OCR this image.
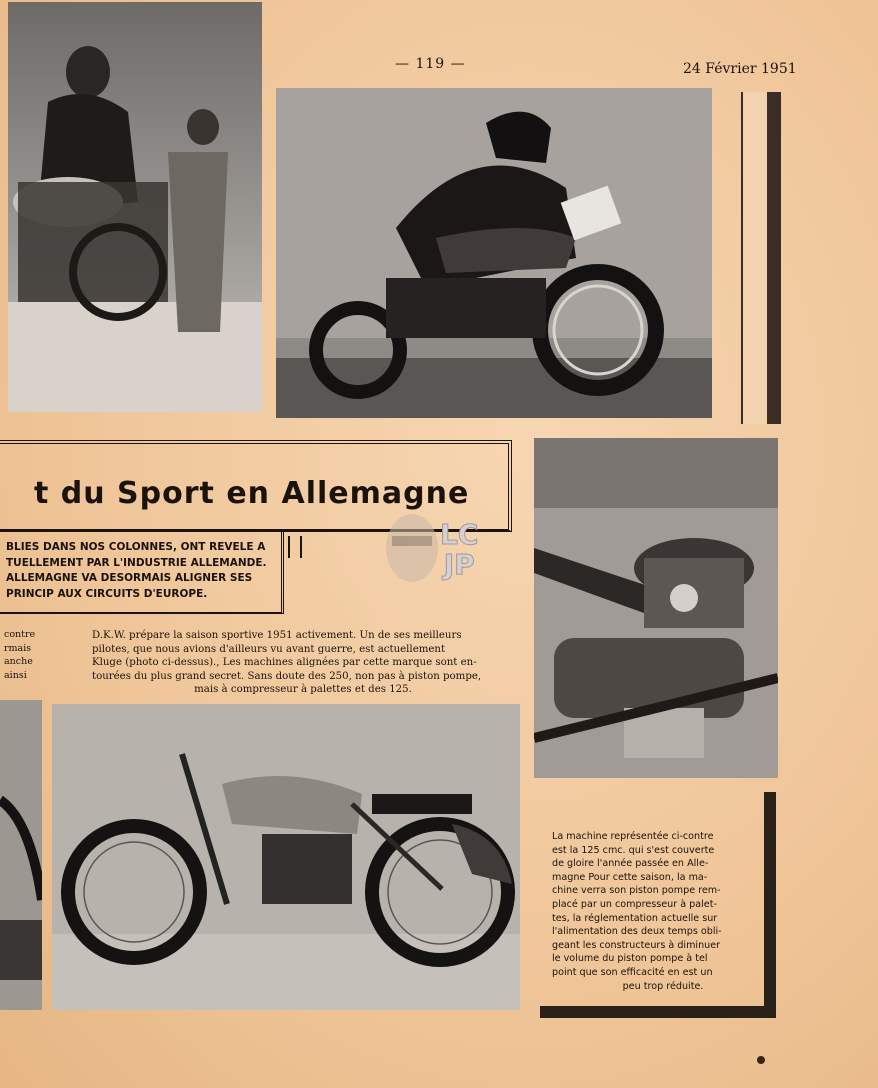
— 119 —	24 Février 1951
t du Sport en Allemagne
BLIES DANS NOS COLONNES, ONT REVELE A
TUELLEMENT PAR L'INDUSTRIE ALLEMANDE.
ALLEMAGNE VA DESORMAIS ALIGNER SES
PRINCIP AUX CIRCUITS D'EUROPE.
LC
JP
contre
rmais
anche
ainsi
D.K.W. prépare la saison sportive 1951 activement. Un de ses meilleurs
pilotes, que nous avions d'ailleurs vu avant guerre, est actuellement
Kluge (photo ci-dessus)., Les machines alignées par cette marque sont en-
tourées du plus grand secret. Sans doute des 250, non pas à piston pompe,
mais à compresseur à palettes et des 125.
La machine représentée ci-contre
est la 125 cmc. qui s'est couverte
de gloire l'année passée en Alle-
magne Pour cette saison, la ma-
chine verra son piston pompe rem-
placé par un compresseur à palet-
tes, la réglementation actuelle sur
l'alimentation des deux temps obli-
geant les constructeurs à diminuer
le volume du piston pompe à tel
point que son efficacité en est un
peu trop réduite.
